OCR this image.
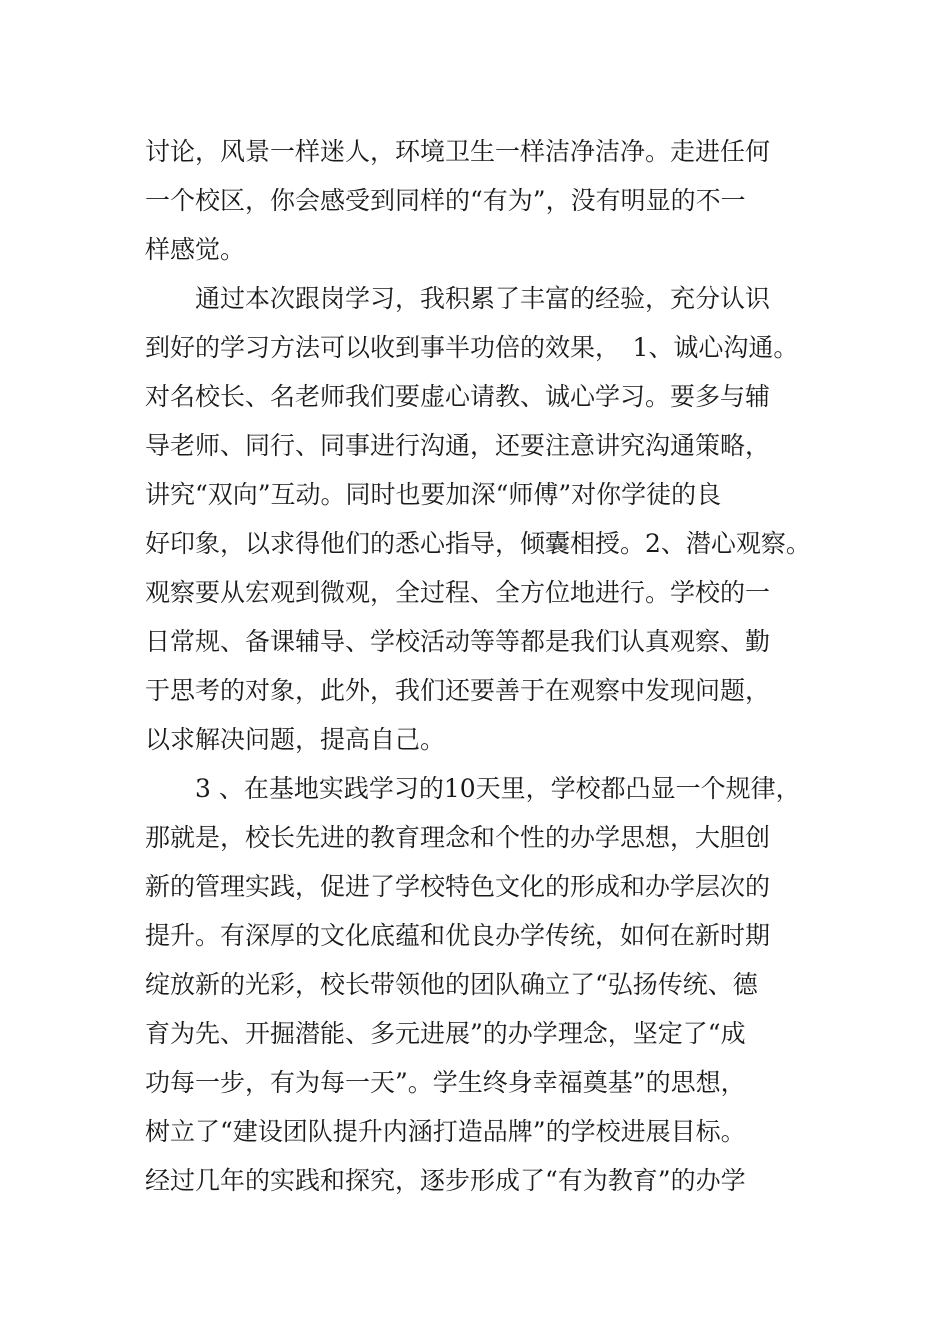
讨论，风景一样迷人，环境卫生一样洁净洁净。走进任何
一个校区，你会感受到同样的“有为”，没有明显的不一
样感觉。
　　通过本次跟岗学习，我积累了丰富的经验，充分认识
到好的学习方法可以收到事半功倍的效果，　1、诚心沟通。
对名校长、名老师我们要虚心请教、诚心学习。要多与辅
导老师、同行、同事进行沟通，还要注意讲究沟通策略，
讲究“双向”互动。同时也要加深“师傅”对你学徒的良
好印象，以求得他们的悉心指导，倾囊相授。2、潜心观察。
观察要从宏观到微观，全过程、全方位地进行。学校的一
日常规、备课辅导、学校活动等等都是我们认真观察、勤
于思考的对象，此外，我们还要善于在观察中发现问题，
以求解决问题，提高自己。
　　3 、在基地实践学习的10天里，学校都凸显一个规律，
那就是，校长先进的教育理念和个性的办学思想，大胆创
新的管理实践，促进了学校特色文化的形成和办学层次的
提升。有深厚的文化底蕴和优良办学传统，如何在新时期
绽放新的光彩，校长带领他的团队确立了“弘扬传统、德
育为先、开掘潜能、多元进展”的办学理念，坚定了“成
功每一步，有为每一天”。学生终身幸福奠基”的思想，
树立了“建设团队提升内涵打造品牌”的学校进展目标。
经过几年的实践和探究，逐步形成了“有为教育”的办学
